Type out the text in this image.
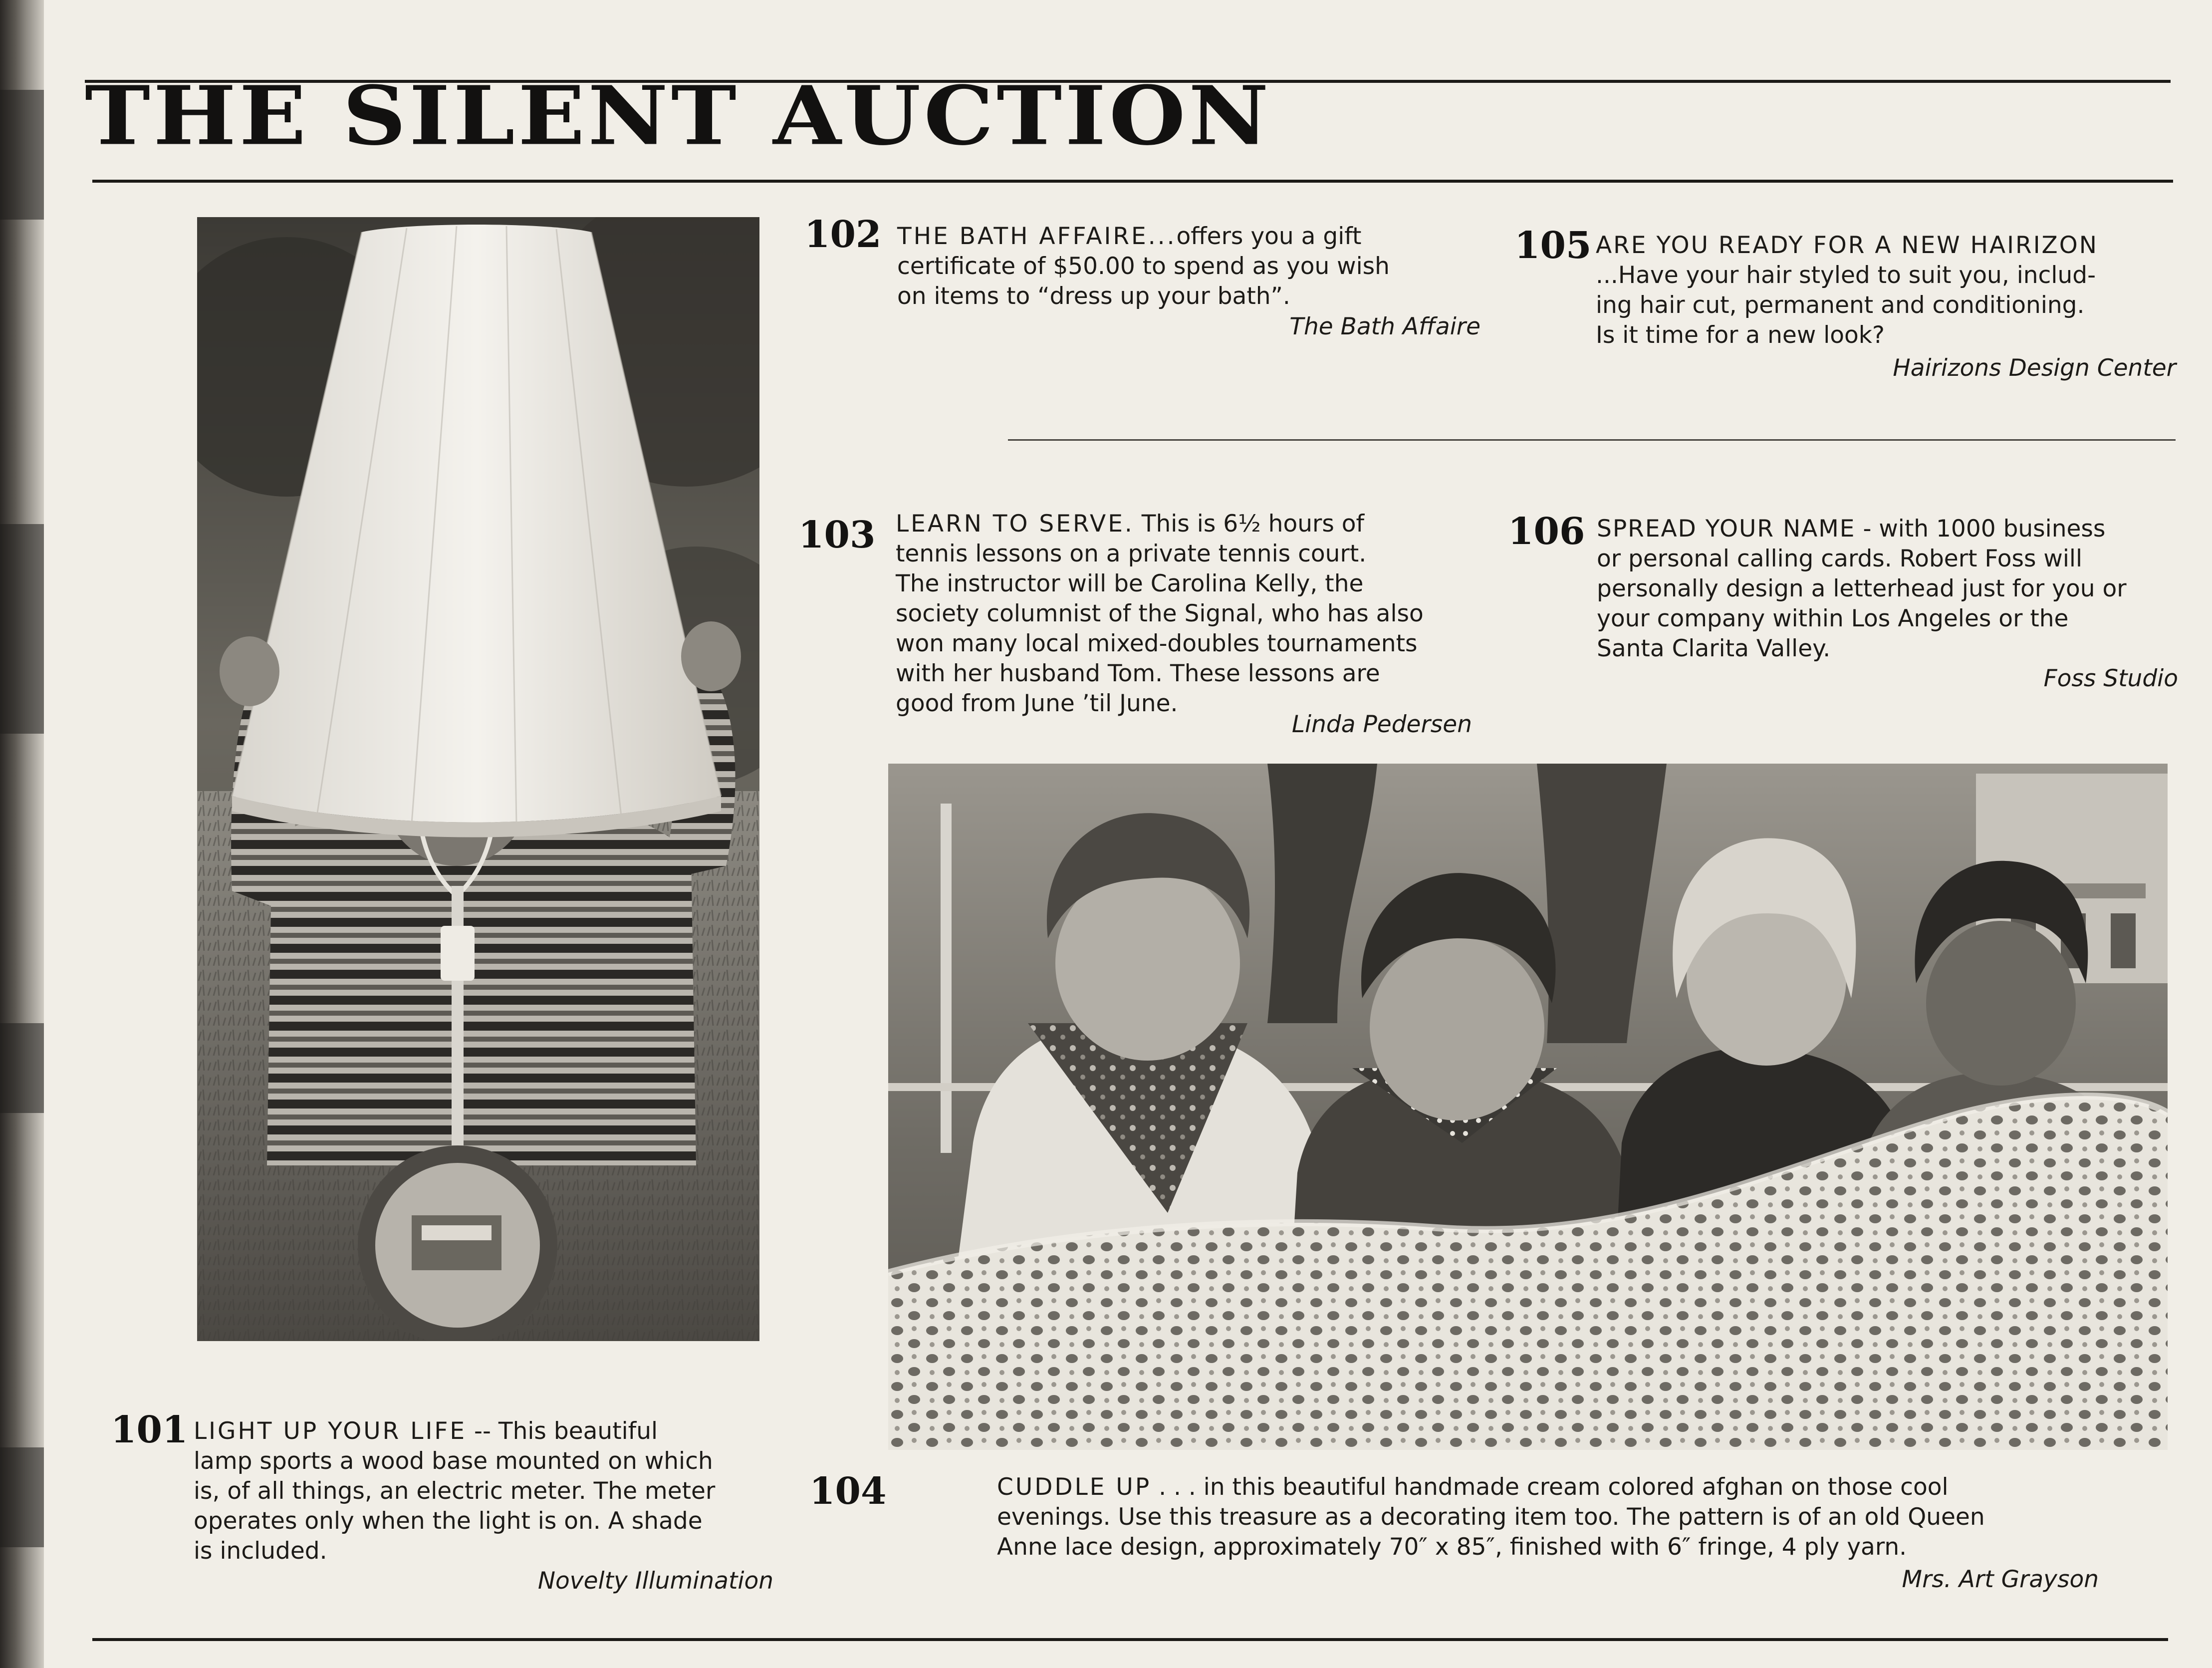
THE SILENT AUCTION
101 LIGHT UP YOUR LIFE -- This beautiful
lamp sports a wood base mounted on which
is, of all things, an electric meter. The meter
operates only when the light is on. A shade
is included.
Novelty Illumination
102 THE BATH AFFAIRE...offers you a gift
certificate of $50.00 to spend as you wish
on items to “dress up your bath”.
The Bath Affaire
103 LEARN TO SERVE. This is 6½ hours of
tennis lessons on a private tennis court.
The instructor will be Carolina Kelly, the
society columnist of the Signal, who has also
won many local mixed-doubles tournaments
with her husband Tom. These lessons are
good from June ’til June.
Linda Pedersen
104	CUDDLE UP . . . in this beautiful handmade cream colored afghan on those cool
evenings. Use this treasure as a decorating item too. The pattern is of an old Queen
Anne lace design, approximately 70″ x 85″, finished with 6″ fringe, 4 ply yarn.
Mrs. Art Grayson
105 ARE YOU READY FOR A NEW HAIRIZON
...Have your hair styled to suit you, includ-
ing hair cut, permanent and conditioning.
Is it time for a new look?
Hairizons Design Center
106 SPREAD YOUR NAME - with 1000 business
or personal calling cards. Robert Foss will
personally design a letterhead just for you or
your company within Los Angeles or the
Santa Clarita Valley.
Foss Studio
